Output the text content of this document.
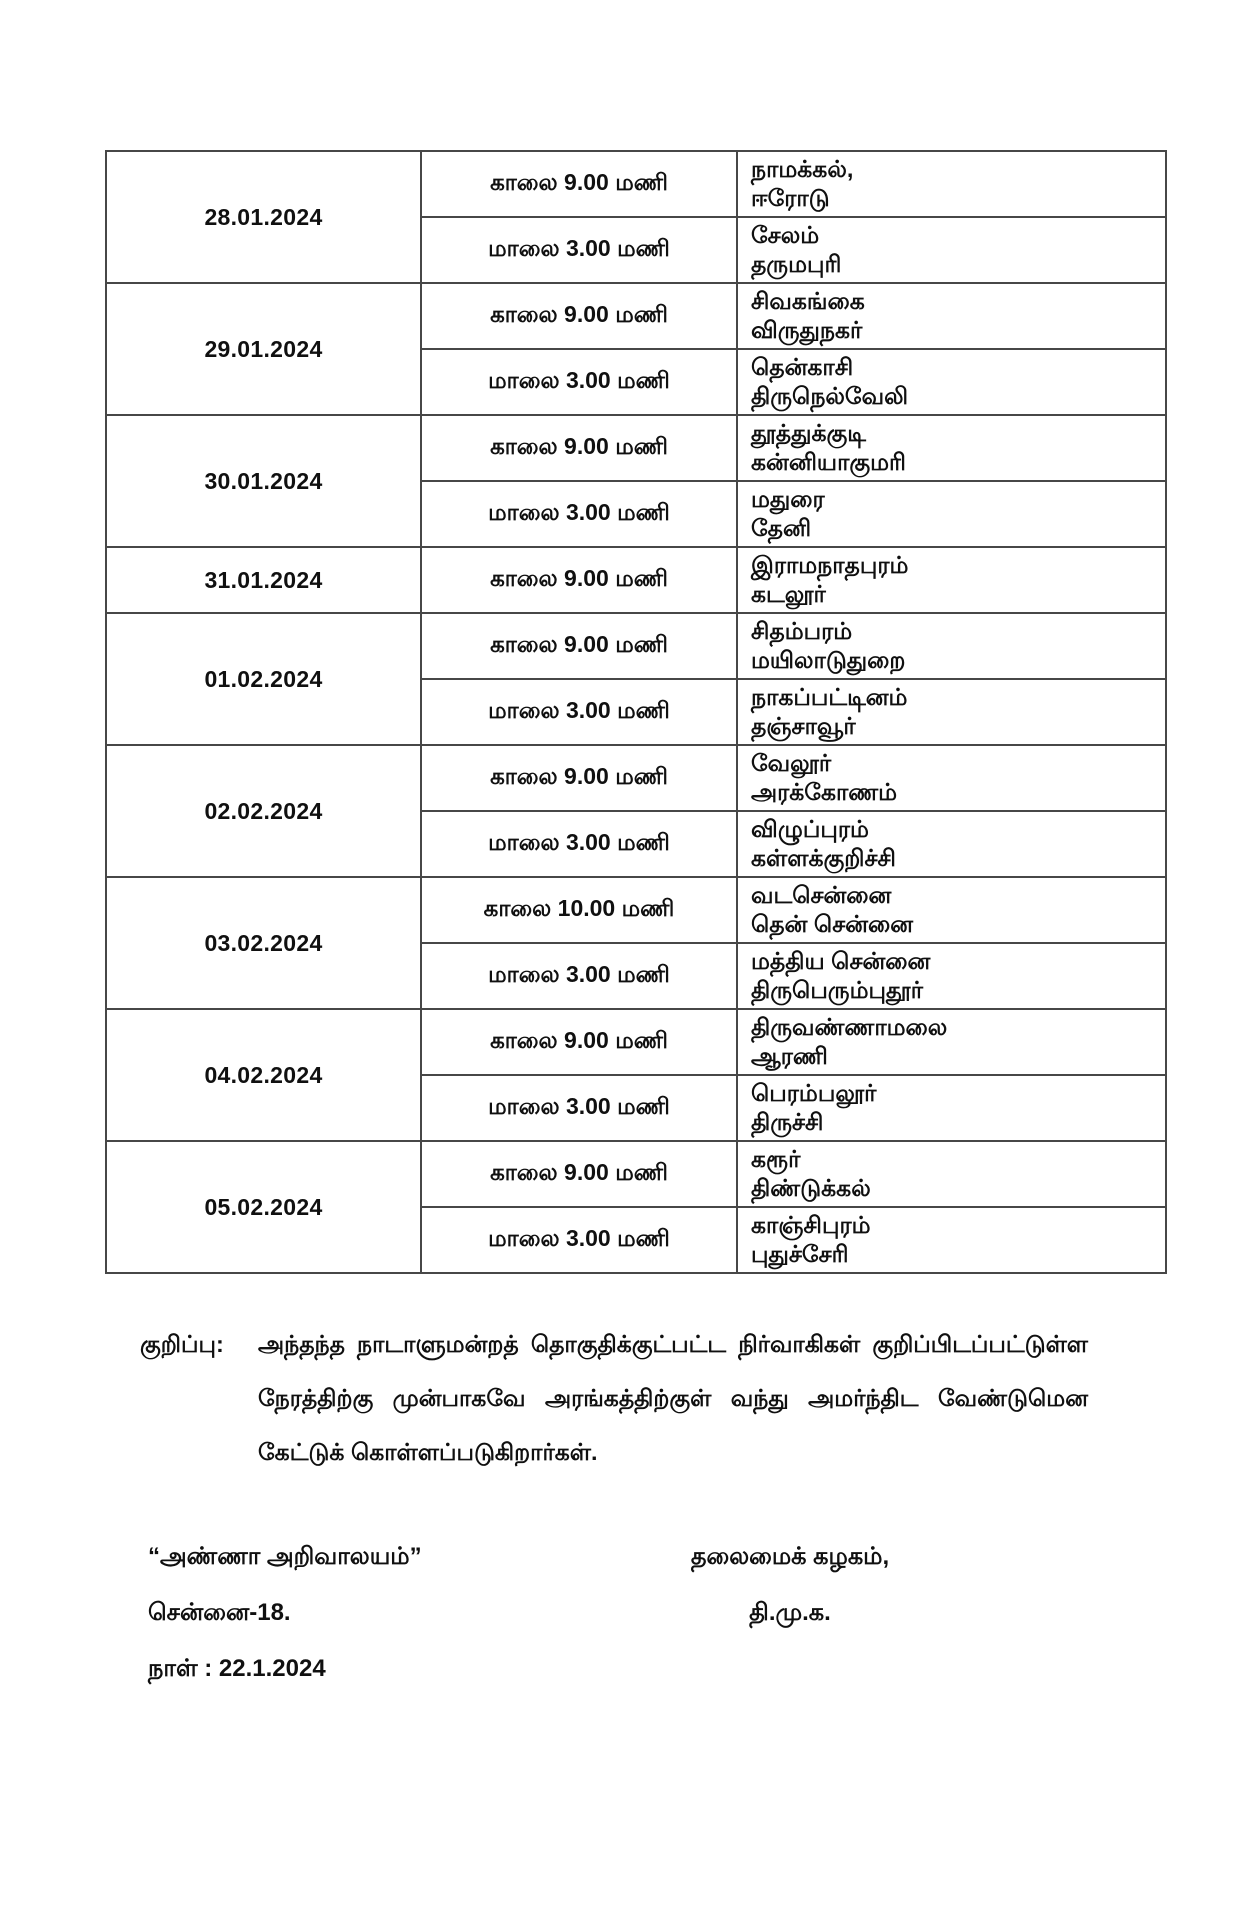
28.01.2024	காலை 9.00 மணி	நாமக்கல்,
ஈரோடு

	மாலை 3.00 மணி	சேலம்
தருமபுரி

29.01.2024	காலை 9.00 மணி	சிவகங்கை
விருதுநகர்

	மாலை 3.00 மணி	தென்காசி
திருநெல்வேலி

30.01.2024	காலை 9.00 மணி	தூத்துக்குடி
கன்னியாகுமரி

	மாலை 3.00 மணி	மதுரை
தேனி

31.01.2024	காலை 9.00 மணி	இராமநாதபுரம்
கடலூர்

01.02.2024	காலை 9.00 மணி	சிதம்பரம்
மயிலாடுதுறை

	மாலை 3.00 மணி	நாகப்பட்டினம்
தஞ்சாவூர்

02.02.2024	காலை 9.00 மணி	வேலூர்
அரக்கோணம்

	மாலை 3.00 மணி	விழுப்புரம்
கள்ளக்குறிச்சி

03.02.2024	காலை 10.00 மணி	வடசென்னை
தென் சென்னை

	மாலை 3.00 மணி	மத்திய சென்னை
திருபெரும்புதூர்

04.02.2024	காலை 9.00 மணி	திருவண்ணாமலை
ஆரணி

	மாலை 3.00 மணி	பெரம்பலூர்
திருச்சி

05.02.2024	காலை 9.00 மணி	கரூர்
திண்டுக்கல்

	மாலை 3.00 மணி	காஞ்சிபுரம்
புதுச்சேரி
குறிப்பு:	அந்தந்த நாடாளுமன்றத் தொகுதிக்குட்பட்ட நிர்வாகிகள் குறிப்பிடப்பட்டுள்ள நேரத்திற்கு முன்பாகவே அரங்கத்திற்குள் வந்து அமர்ந்திட வேண்டுமென கேட்டுக் கொள்ளப்படுகிறார்கள்.
“அண்ணா அறிவாலயம்”
சென்னை-18.
நாள் : 22.1.2024
தலைமைக் கழகம்,
தி.மு.க.
